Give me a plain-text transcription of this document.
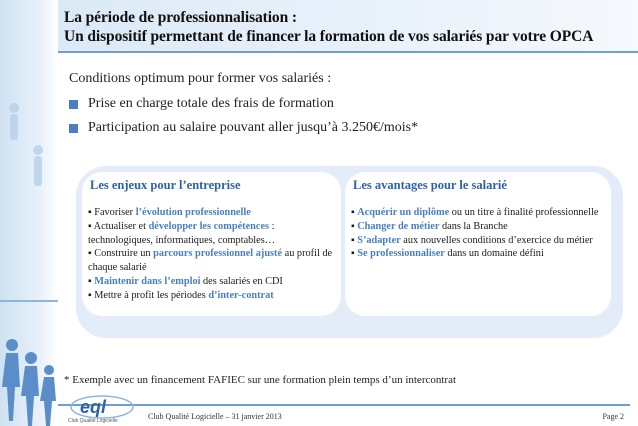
La période de professionnalisation :
Un dispositif permettant de financer la formation de vos salariés par votre OPCA
Conditions optimum pour former vos salariés :
Prise en charge totale des frais de formation
Participation au salaire pouvant aller jusqu’à 3.250€/mois*
Les enjeux pour l’entreprise
▪ Favoriser l’évolution professionnelle
▪ Actualiser et développer les compétences : technologiques, informatiques, comptables…
▪ Construire un parcours professionnel ajusté au profil de chaque salarié
▪ Maintenir dans l’emploi des salariés en CDI
▪ Mettre à profit les périodes d’inter-contrat
Les avantages pour le salarié
▪ Acquérir un diplôme ou un titre à finalité professionnelle
▪ Changer de métier dans la Branche
▪ S’adapter aux nouvelles conditions d’exercice du métier
▪ Se professionnaliser dans un domaine défini
* Exemple avec un financement FAFIEC sur une formation plein temps d’un intercontrat
eql
Club Qualité Logicielle	Club Qualité Logicielle – 31 janvier 2013	Page 2
